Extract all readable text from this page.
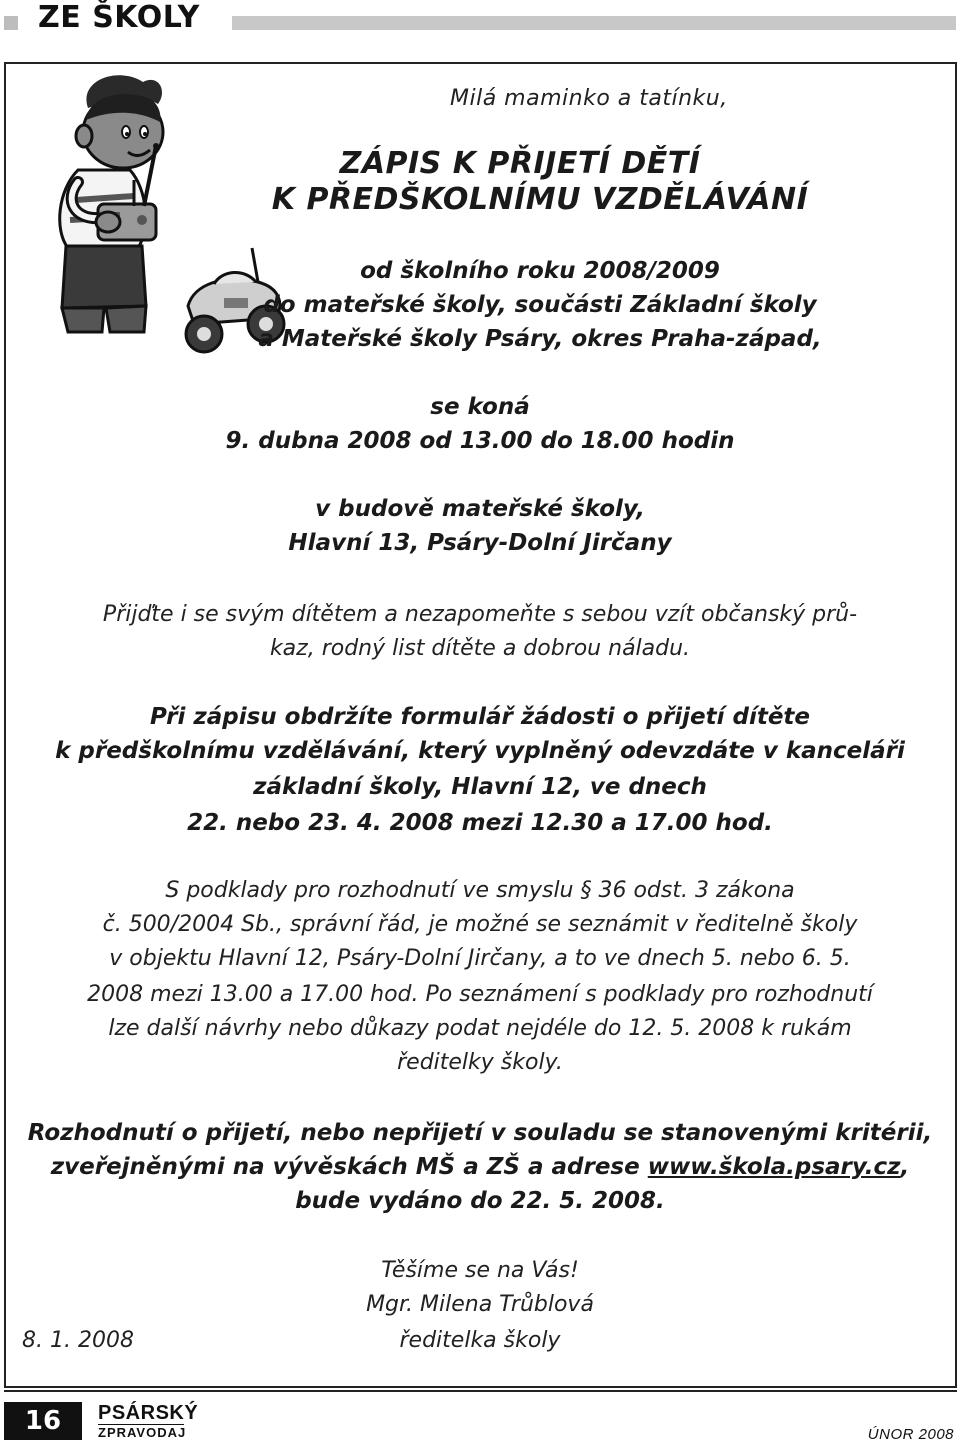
ZE ŠKOLY
Milá maminko a tatínku,
ZÁPIS K PŘIJETÍ DĚTÍ
K PŘEDŠKOLNÍMU VZDĚLÁVÁNÍ
od školního roku 2008/2009
do mateřské školy, součásti Základní školy
a Mateřské školy Psáry, okres Praha-západ,
se koná
9. dubna 2008 od 13.00 do 18.00 hodin
v budově mateřské školy,
Hlavní 13, Psáry-Dolní Jirčany
Přijďte i se svým dítětem a nezapomeňte s sebou vzít občanský prů-
kaz, rodný list dítěte a dobrou náladu.
Při zápisu obdržíte formulář žádosti o přijetí dítěte
k předškolnímu vzdělávání, který vyplněný odevzdáte v kanceláři
základní školy, Hlavní 12, ve dnech
22. nebo 23. 4. 2008 mezi 12.30 a 17.00 hod.
S podklady pro rozhodnutí ve smyslu § 36 odst. 3 zákona
č. 500/2004 Sb., správní řád, je možné se seznámit v ředitelně školy
v objektu Hlavní 12, Psáry-Dolní Jirčany, a to ve dnech 5. nebo 6. 5.
2008 mezi 13.00 a 17.00 hod. Po seznámení s podklady pro rozhodnutí
lze další návrhy nebo důkazy podat nejdéle do 12. 5. 2008 k rukám
ředitelky školy.
Rozhodnutí o přijetí, nebo nepřijetí v souladu se stanovenými kritérii,
zveřejněnými na vývěskách MŠ a ZŠ a adrese www.škola.psary.cz,
bude vydáno do 22. 5. 2008.
Těšíme se na Vás!
Mgr. Milena Trůblová
ředitelka školy
8. 1. 2008
16	PSÁRSKÝ
ZPRAVODAJ	ÚNOR 2008
